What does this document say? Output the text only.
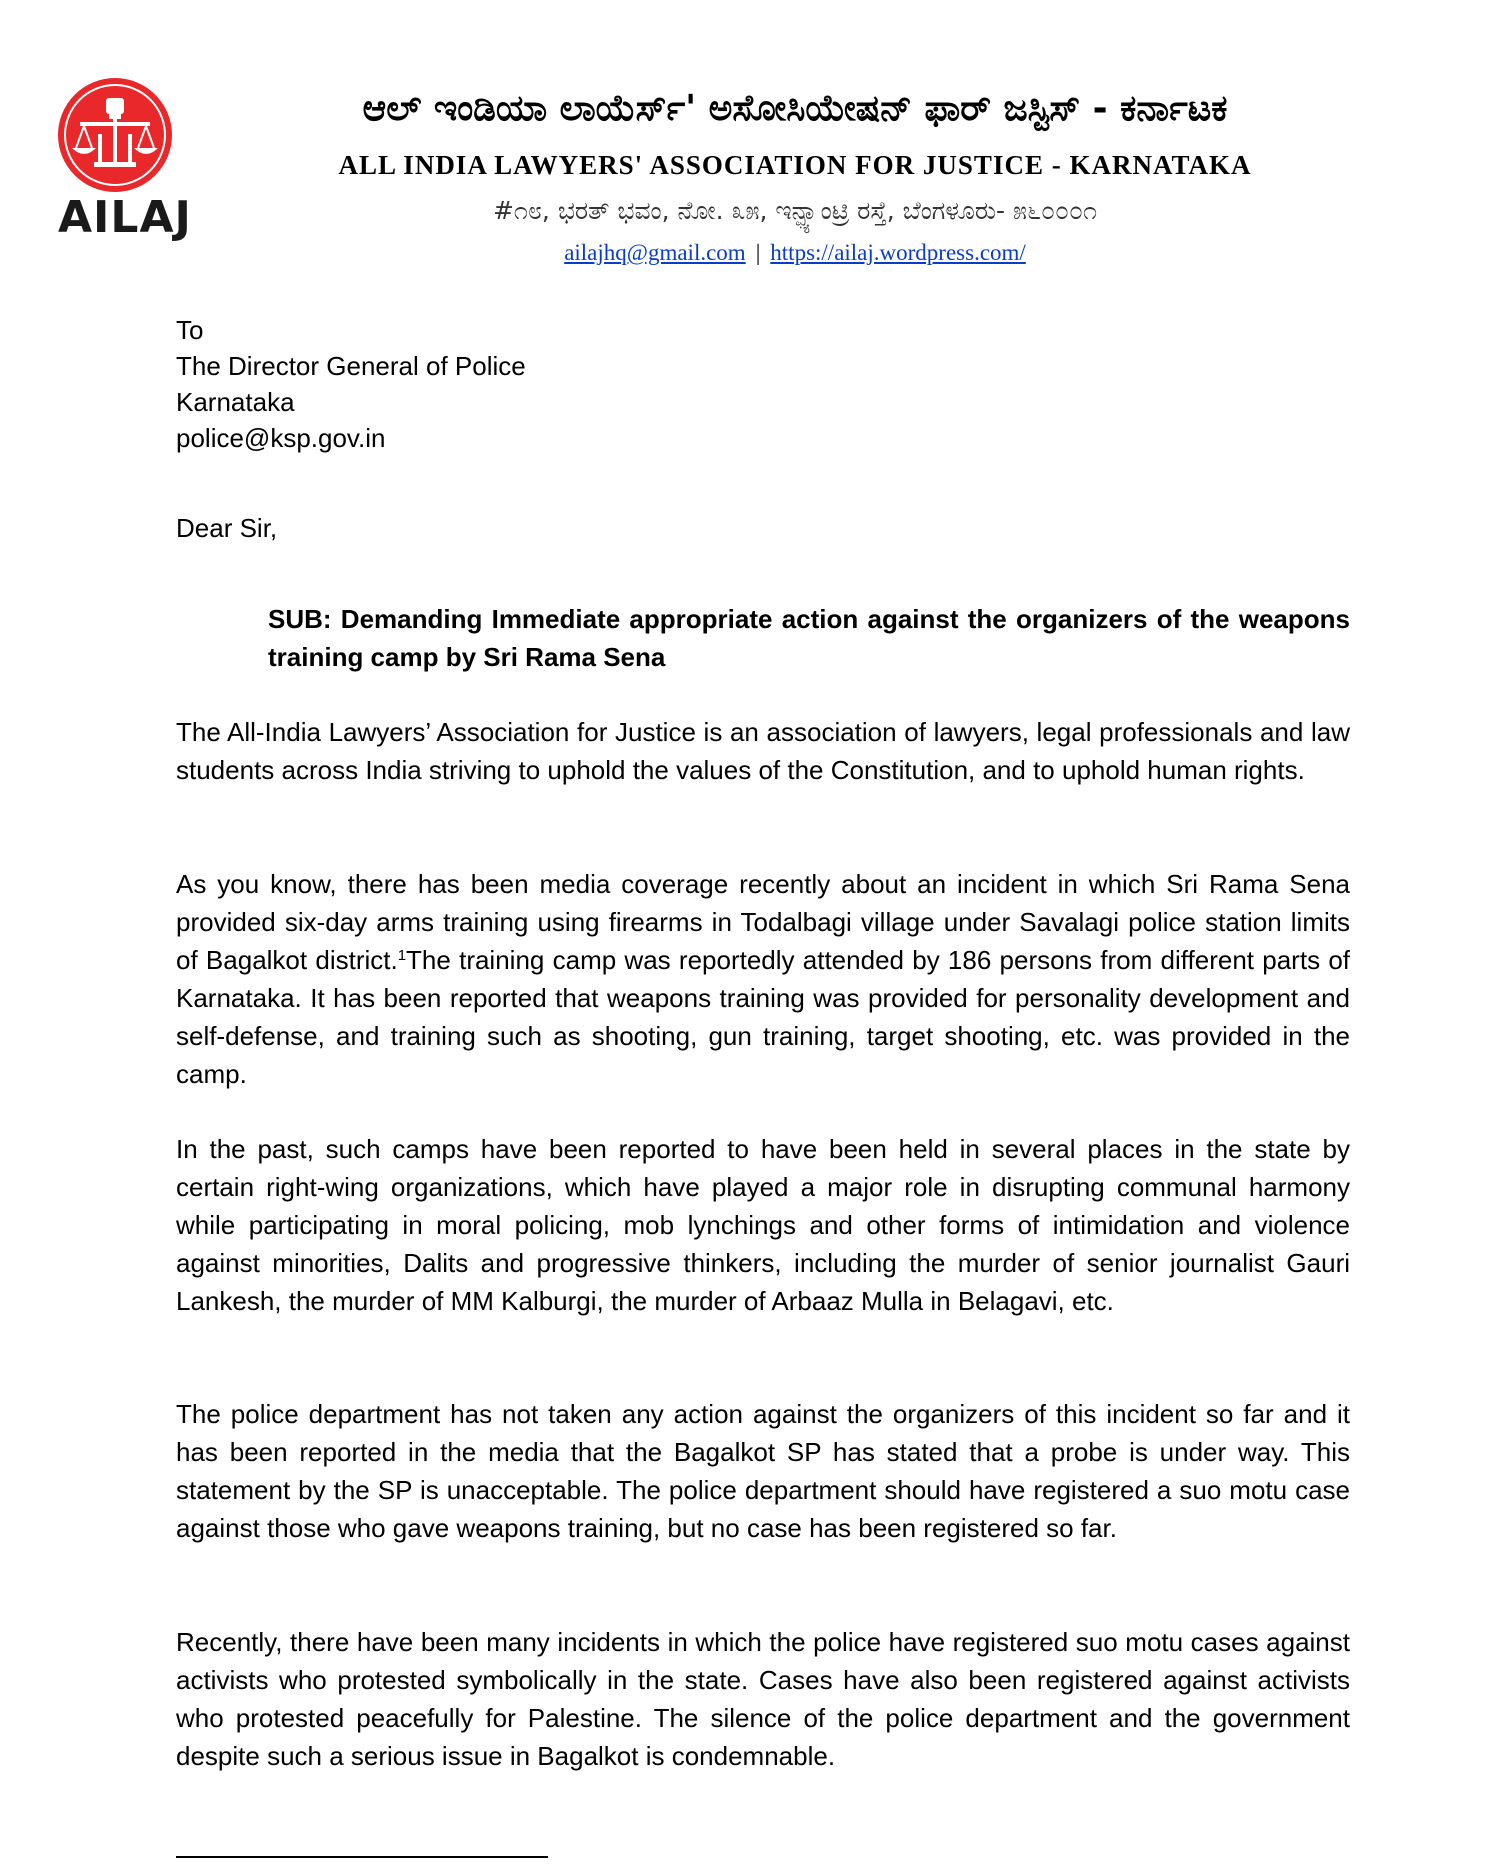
AILAJ
ಆಲ್ ಇಂಡಿಯಾ ಲಾಯೆರ್ಸ್' ಅಸೋಸಿಯೇಷನ್ ಫಾರ್ ಜಸ್ಟಿಸ್ - ಕರ್ನಾಟಕ
ALL INDIA LAWYERS' ASSOCIATION FOR JUSTICE - KARNATAKA
#೧೮, ಭರತ್ ಭವಂ, ನೋ. ೩೫, ಇನ್ಫ್ಯಾಂಟ್ರಿ ರಸ್ತೆ, ಬೆಂಗಳೂರು- ೫೬೦೦೦೧
ailajhq@gmail.com | https://ailaj.wordpress.com/
To
The Director General of Police
Karnataka
police@ksp.gov.in
Dear Sir,
SUB: Demanding Immediate appropriate action against the organizers of the weapons training camp by Sri Rama Sena
The All-India Lawyers’ Association for Justice is an association of lawyers, legal professionals and law students across India striving to uphold the values of the Constitution, and to uphold human rights.
As you know, there has been media coverage recently about an incident in which Sri Rama Sena provided six-day arms training using firearms in Todalbagi village under Savalagi police station limits of Bagalkot district.$^1$The training camp was reportedly attended by 186 persons from different parts of Karnataka. It has been reported that weapons training was provided for personality development and self-defense, and training such as shooting, gun training, target shooting, etc. was provided in the camp.
In the past, such camps have been reported to have been held in several places in the state by certain right-wing organizations, which have played a major role in disrupting communal harmony while participating in moral policing, mob lynchings and other forms of intimidation and violence against minorities, Dalits and progressive thinkers, including the murder of senior journalist Gauri Lankesh, the murder of MM Kalburgi, the murder of Arbaaz Mulla in Belagavi, etc.
The police department has not taken any action against the organizers of this incident so far and it has been reported in the media that the Bagalkot SP has stated that a probe is under way. This statement by the SP is unacceptable. The police department should have registered a suo motu case against those who gave weapons training, but no case has been registered so far.
Recently, there have been many incidents in which the police have registered suo motu cases against activists who protested symbolically in the state. Cases have also been registered against activists who protested peacefully for Palestine. The silence of the police department and the government despite such a serious issue in Bagalkot is condemnable.
